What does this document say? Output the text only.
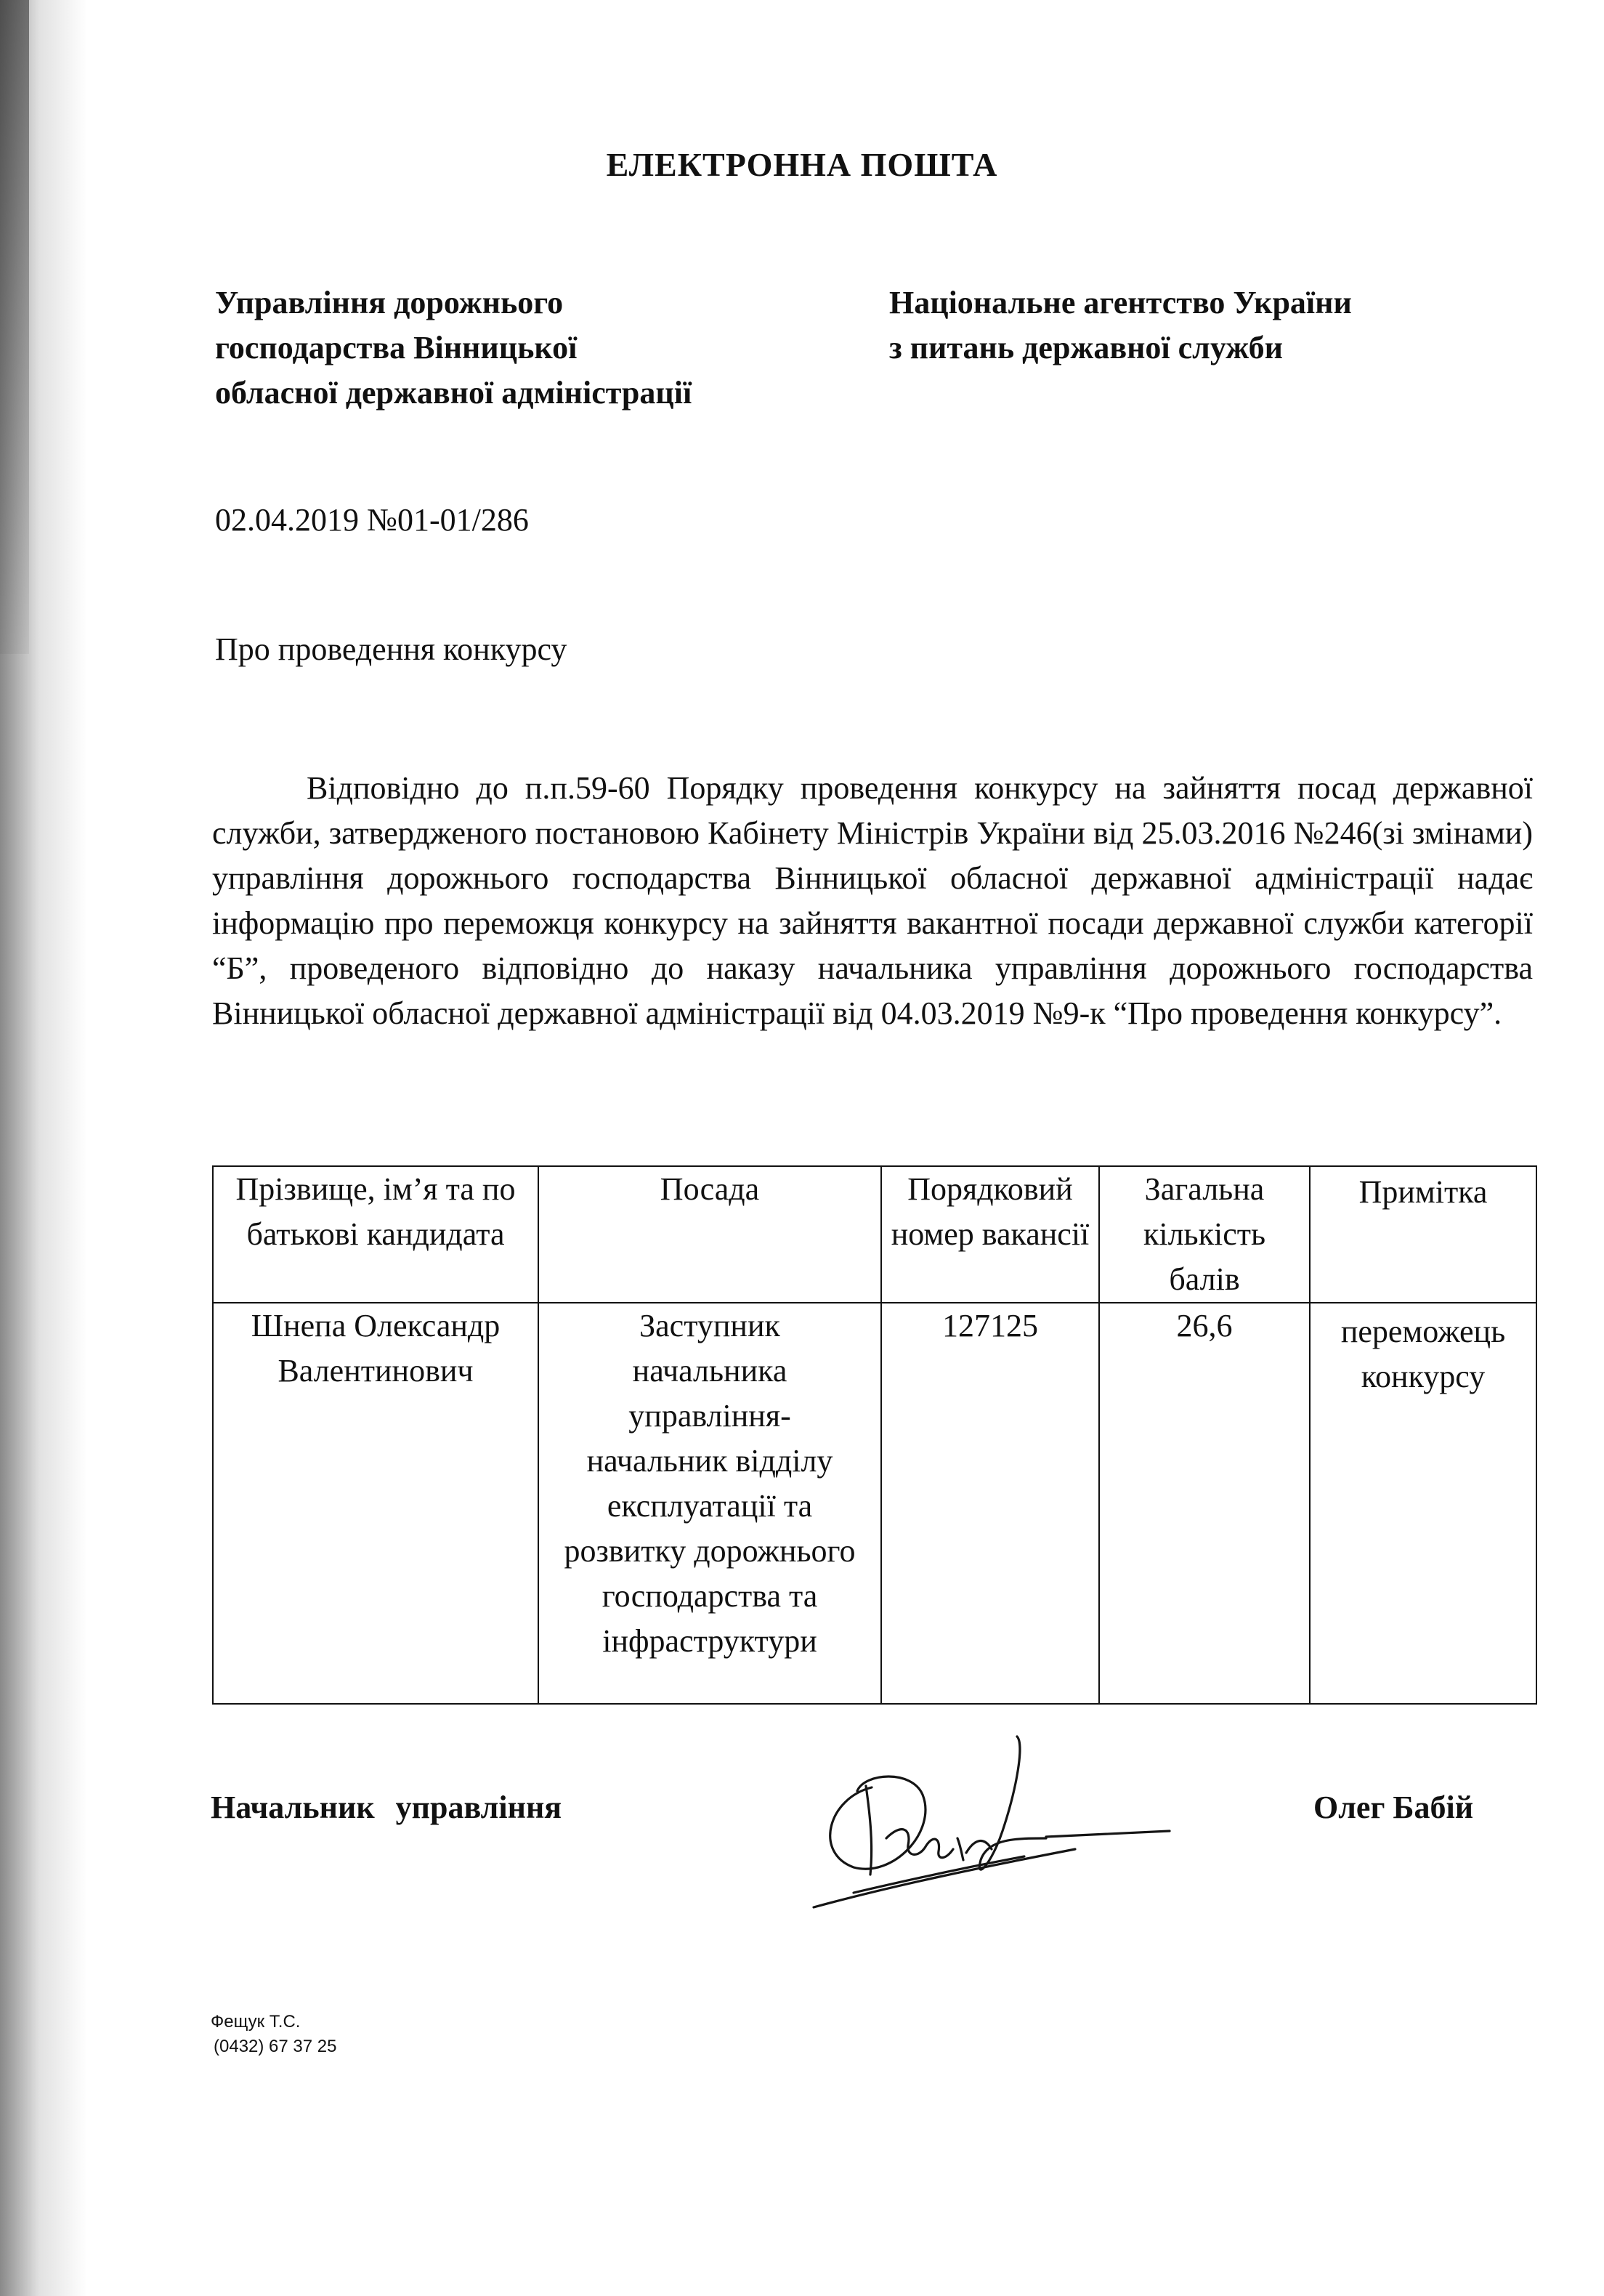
ЕЛЕКТРОННА ПОШТА
Управління дорожнього
господарства Вінницької
обласної державної адміністрації
Національне агентство України
з питань державної служби
02.04.2019 №01-01/286
Про проведення конкурсу
Відповідно до п.п.59-60 Порядку проведення конкурсу на зайняття посад державної служби, затвердженого постановою Кабінету Міністрів України від 25.03.2016 №246(зі змінами) управління дорожнього господарства Вінницької обласної державної адміністрації надає інформацію про переможця конкурсу на зайняття вакантної посади державної служби категорії “Б”, проведеного відповідно до наказу начальника управління дорожнього господарства Вінницької обласної державної адміністрації від 04.03.2019 №9-к “Про проведення конкурсу”.
Прізвище, ім’я та по батькові кандидата	Посада	Порядковий номер вакансії	Загальна кількість балів	Примітка
Шнепа Олександр Валентинович	Заступник начальника управління-начальник відділу експлуатації та розвитку дорожнього господарства та інфраструктури	127125	26,6	переможець конкурсу
Начальник управління	Олег Бабій
Фещук Т.С.
(0432) 67 37 25
